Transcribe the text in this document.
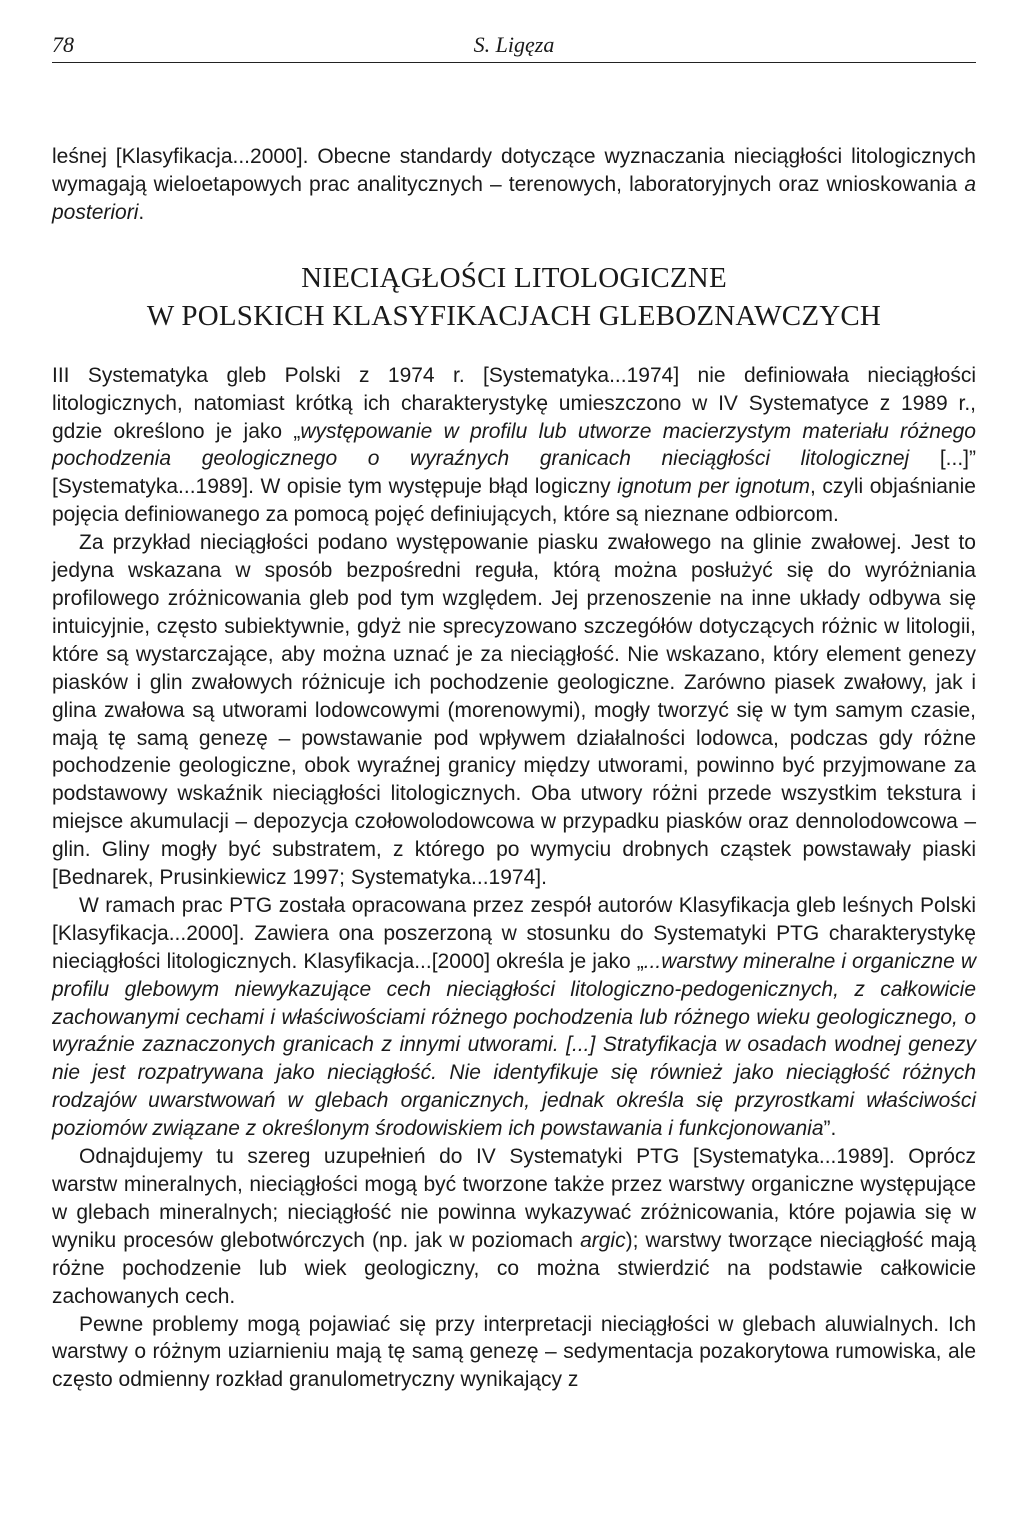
78	S. Ligęza

leśnej [Klasyfikacja...2000]. Obecne standardy dotyczące wyznaczania nieciągłości litologicznych wymagają wieloetapowych prac analitycznych – terenowych, laboratoryjnych oraz wnioskowania a posteriori.

NIECIĄGŁOŚCI LITOLOGICZNE
W POLSKICH KLASYFIKACJACH GLEBOZNAWCZYCH

III Systematyka gleb Polski z 1974 r. [Systematyka...1974] nie definiowała nieciągłości litologicznych, natomiast krótką ich charakterystykę umieszczono w IV Systematyce z 1989 r., gdzie określono je jako „występowanie w profilu lub utworze macierzystym materiału różnego pochodzenia geologicznego o wyraźnych granicach nieciągłości litologicznej [...]” [Systematyka...1989]. W opisie tym występuje błąd logiczny ignotum per ignotum, czyli objaśnianie pojęcia definiowanego za pomocą pojęć definiujących, które są nieznane odbiorcom.

Za przykład nieciągłości podano występowanie piasku zwałowego na glinie zwałowej. Jest to jedyna wskazana w sposób bezpośredni reguła, którą można posłużyć się do wyróżniania profilowego zróżnicowania gleb pod tym względem. Jej przenoszenie na inne układy odbywa się intuicyjnie, często subiektywnie, gdyż nie sprecyzowano szczegółów dotyczących różnic w litologii, które są wystarczające, aby można uznać je za nieciągłość. Nie wskazano, który element genezy piasków i glin zwałowych różnicuje ich pochodzenie geologiczne. Zarówno piasek zwałowy, jak i glina zwałowa są utworami lodowcowymi (morenowymi), mogły tworzyć się w tym samym czasie, mają tę samą genezę – powstawanie pod wpływem działalności lodowca, podczas gdy różne pochodzenie geologiczne, obok wyraźnej granicy między utworami, powinno być przyjmowane za podstawowy wskaźnik nieciągłości litologicznych. Oba utwory różni przede wszystkim tekstura i miejsce akumulacji – depozycja czołowolodowcowa w przypadku piasków oraz dennolodowcowa – glin. Gliny mogły być substratem, z którego po wymyciu drobnych cząstek powstawały piaski [Bednarek, Prusinkiewicz 1997; Systematyka...1974].

W ramach prac PTG została opracowana przez zespół autorów Klasyfikacja gleb leśnych Polski [Klasyfikacja...2000]. Zawiera ona poszerzoną w stosunku do Systematyki PTG charakterystykę nieciągłości litologicznych. Klasyfikacja...[2000] określa je jako „...warstwy mineralne i organiczne w profilu glebowym niewykazujące cech nieciągłości litologiczno-pedogenicznych, z całkowicie zachowanymi cechami i właściwościami różnego pochodzenia lub różnego wieku geologicznego, o wyraźnie zaznaczonych granicach z innymi utworami. [...] Stratyfikacja w osadach wodnej genezy nie jest rozpatrywana jako nieciągłość. Nie identyfikuje się również jako nieciągłość różnych rodzajów uwarstwowań w glebach organicznych, jednak określa się przyrostkami właściwości poziomów związane z określonym środowiskiem ich powstawania i funkcjonowania”.

Odnajdujemy tu szereg uzupełnień do IV Systematyki PTG [Systematyka...1989]. Oprócz warstw mineralnych, nieciągłości mogą być tworzone także przez warstwy organiczne występujące w glebach mineralnych; nieciągłość nie powinna wykazywać zróżnicowania, które pojawia się w wyniku procesów glebotwórczych (np. jak w poziomach argic); warstwy tworzące nieciągłość mają różne pochodzenie lub wiek geologiczny, co można stwierdzić na podstawie całkowicie zachowanych cech.

Pewne problemy mogą pojawiać się przy interpretacji nieciągłości w glebach aluwialnych. Ich warstwy o różnym uziarnieniu mają tę samą genezę – sedymentacja pozakorytowa rumowiska, ale często odmienny rozkład granulometryczny wynikający z
